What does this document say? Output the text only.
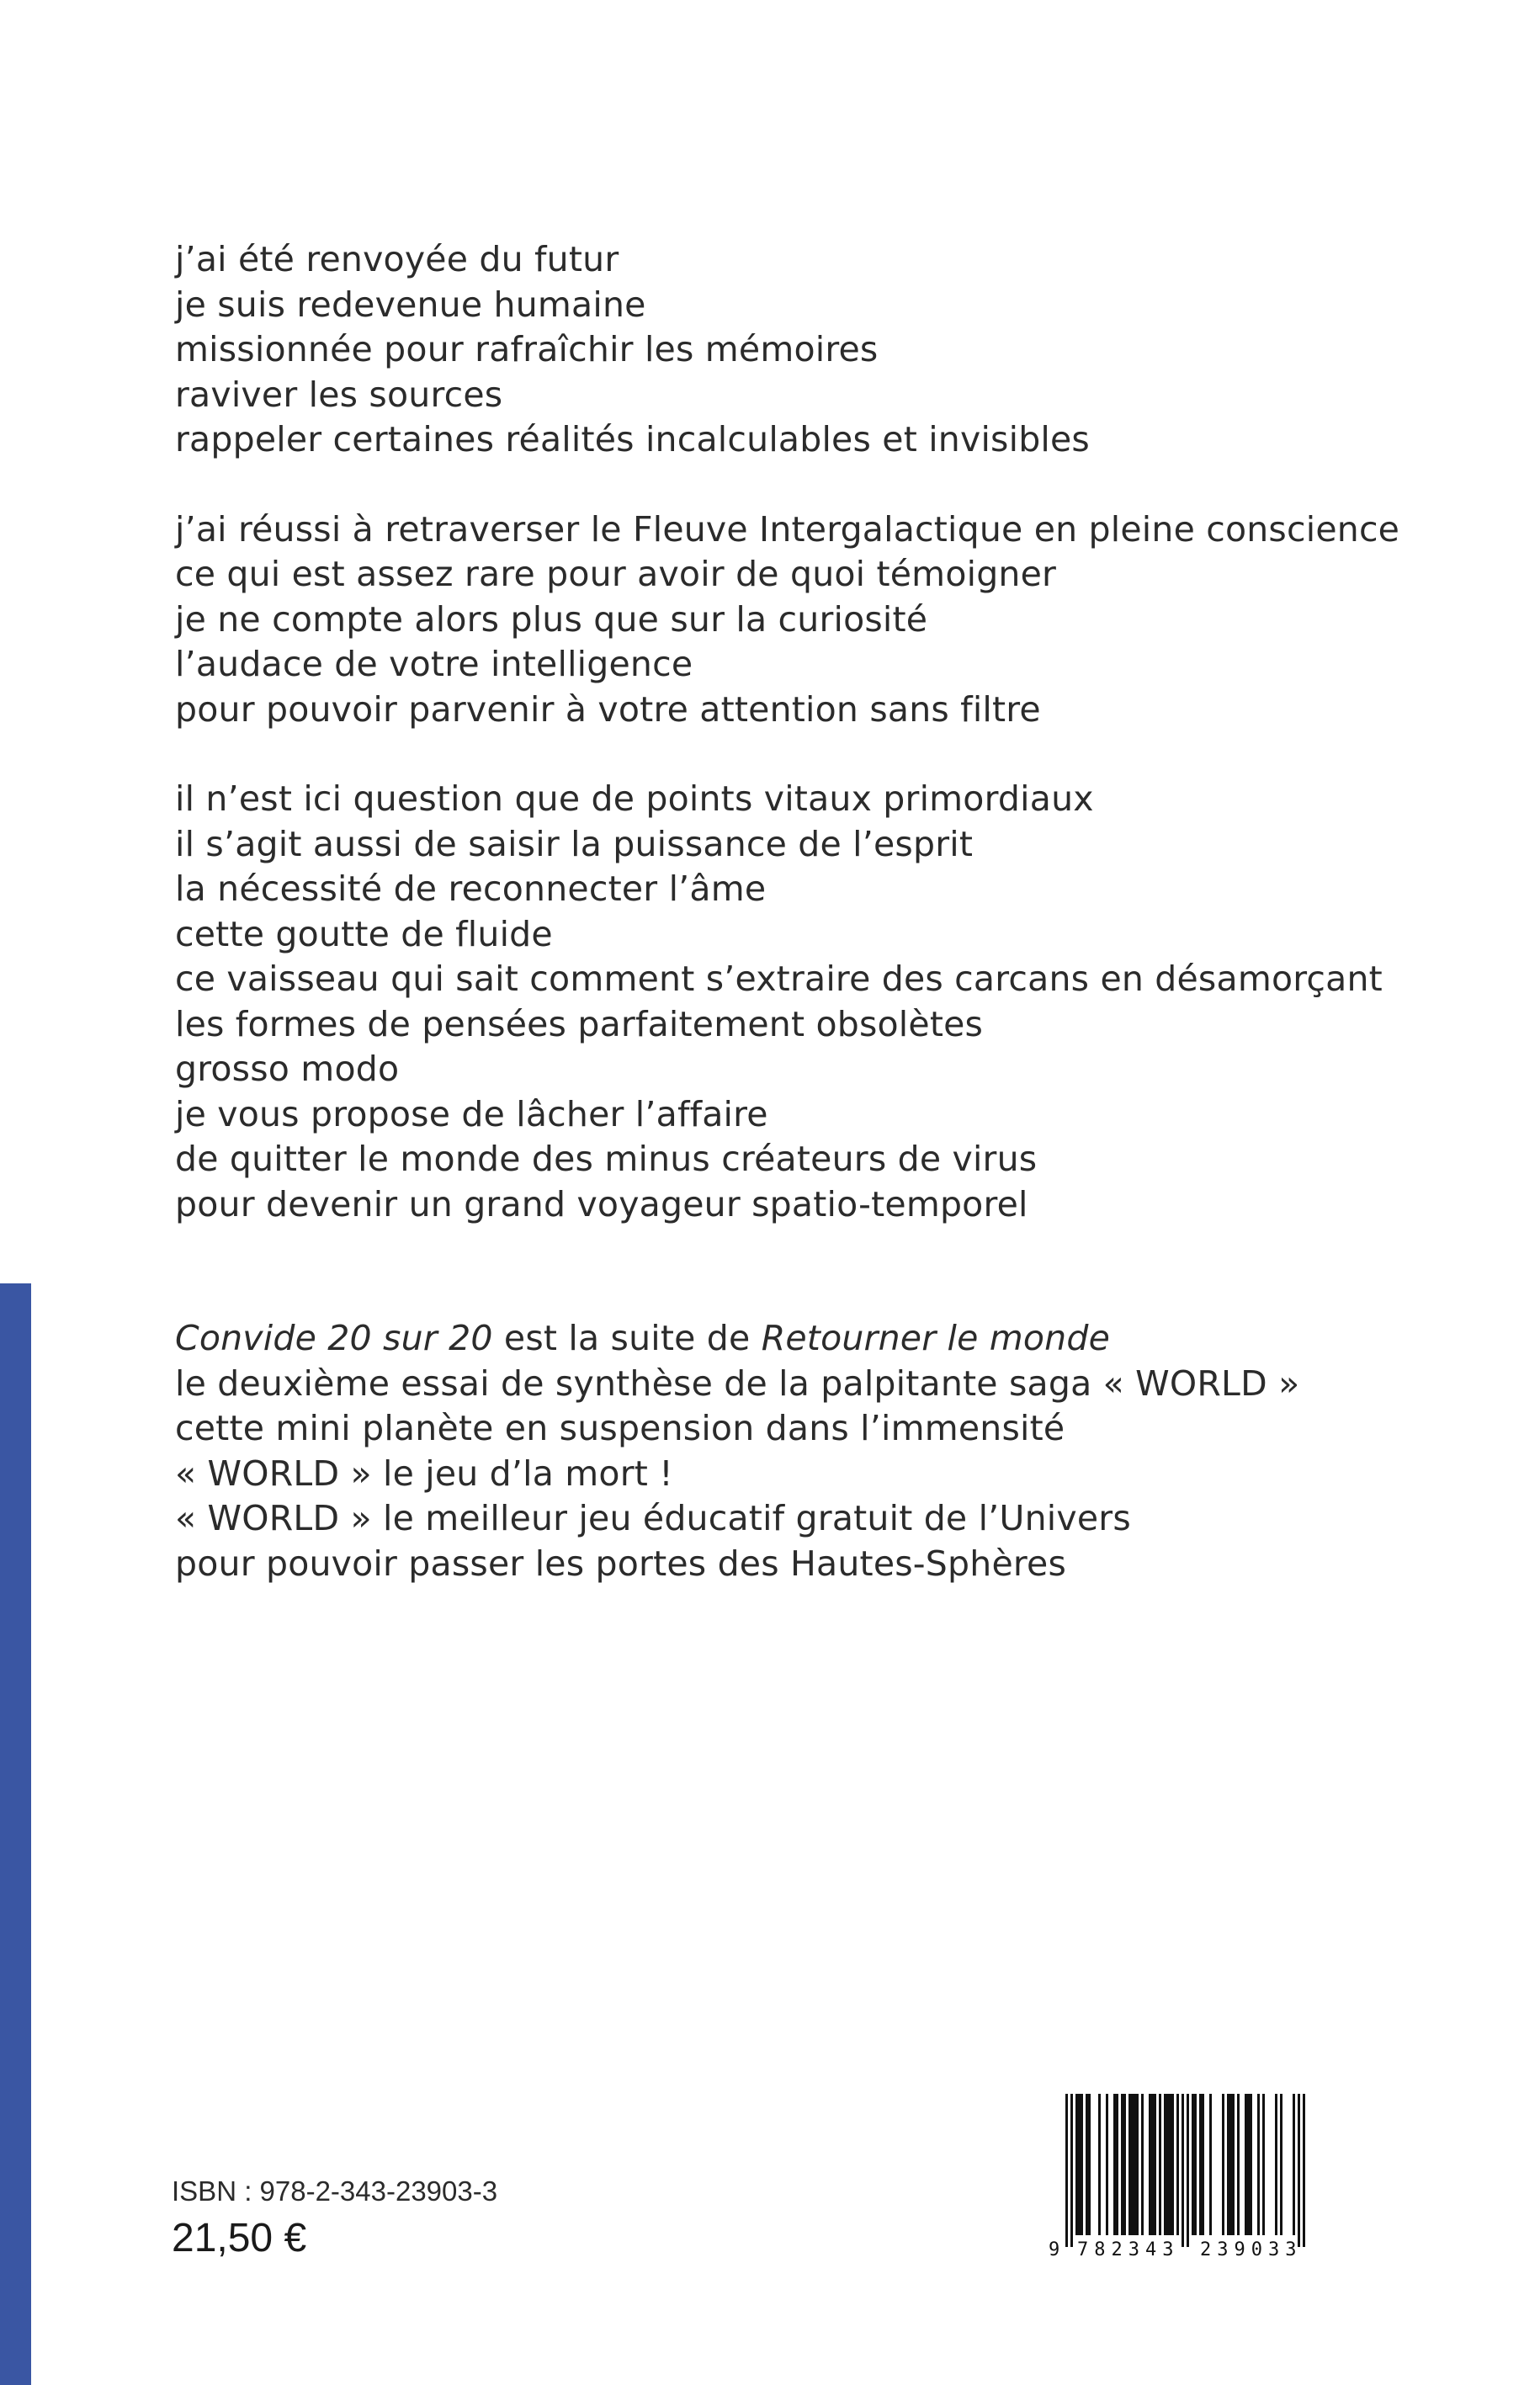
j’ai été renvoyée du futur
je suis redevenue humaine
missionnée pour rafraîchir les mémoires
raviver les sources
rappeler certaines réalités incalculables et invisibles
j’ai réussi à retraverser le Fleuve Intergalactique en pleine conscience
ce qui est assez rare pour avoir de quoi témoigner
je ne compte alors plus que sur la curiosité
l’audace de votre intelligence
pour pouvoir parvenir à votre attention sans filtre
il n’est ici question que de points vitaux primordiaux
il s’agit aussi de saisir la puissance de l’esprit
la nécessité de reconnecter l’âme
cette goutte de fluide
ce vaisseau qui sait comment s’extraire des carcans en désamorçant
les formes de pensées parfaitement obsolètes
grosso modo
je vous propose de lâcher l’affaire
de quitter le monde des minus créateurs de virus
pour devenir un grand voyageur spatio-temporel
Convide 20 sur 20 est la suite de Retourner le monde
le deuxième essai de synthèse de la palpitante saga « WORLD »
cette mini planète en suspension dans l’immensité
« WORLD » le jeu d’la mort !
« WORLD » le meilleur jeu éducatif gratuit de l’Univers
pour pouvoir passer les portes des Hautes-Sphères
ISBN : 978-2-343-23903-3
21,50 €	9 782343 239033
